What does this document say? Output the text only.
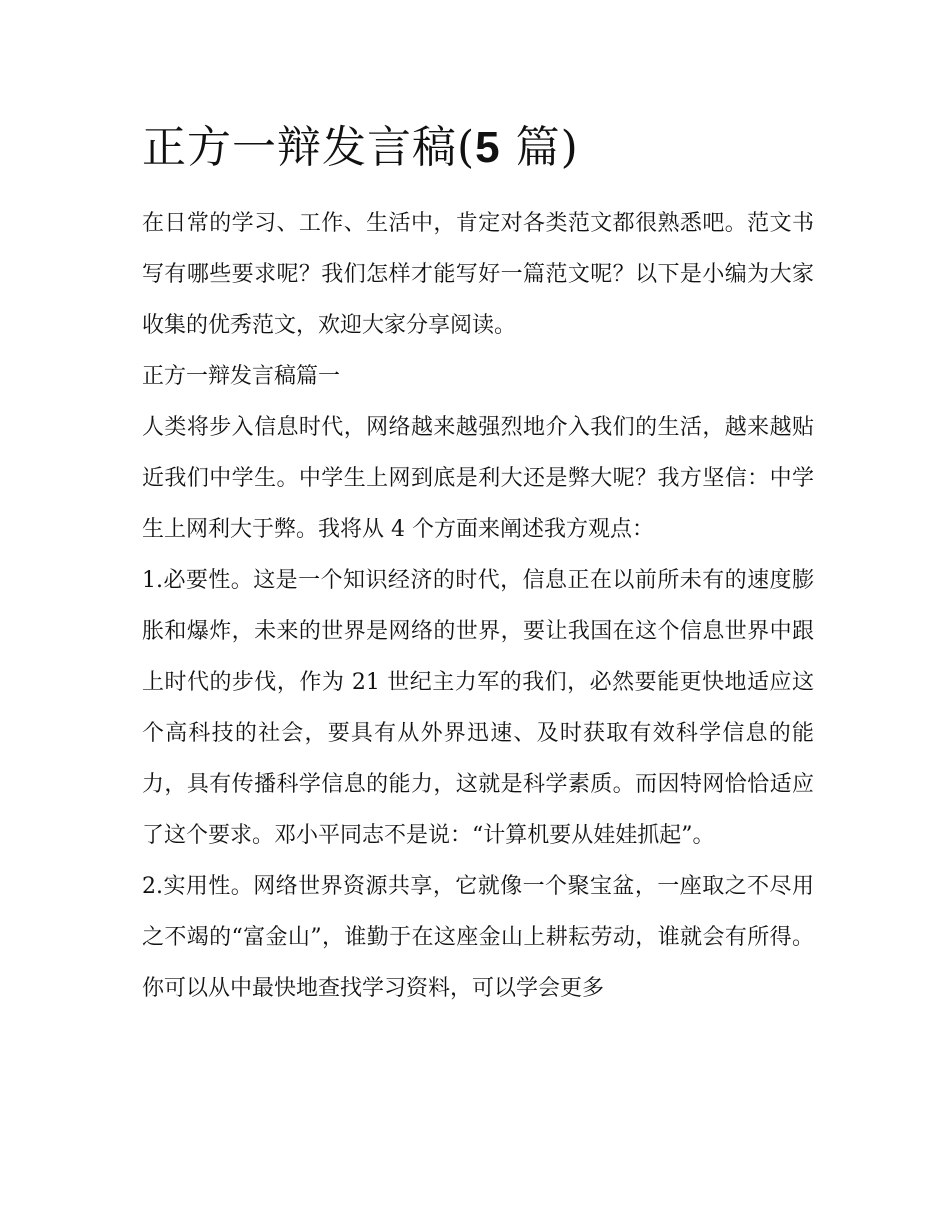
正方一辩发言稿(5 篇)

在日常的学习、工作、生活中，肯定对各类范文都很熟悉吧。范文书写有哪些要求呢？我们怎样才能写好一篇范文呢？以下是小编为大家收集的优秀范文，欢迎大家分享阅读。

正方一辩发言稿篇一

人类将步入信息时代，网络越来越强烈地介入我们的生活，越来越贴近我们中学生。中学生上网到底是利大还是弊大呢？我方坚信：中学生上网利大于弊。我将从 4 个方面来阐述我方观点：

1.必要性。这是一个知识经济的时代，信息正在以前所未有的速度膨胀和爆炸，未来的世界是网络的世界，要让我国在这个信息世界中跟上时代的步伐，作为 21 世纪主力军的我们，必然要能更快地适应这个高科技的社会，要具有从外界迅速、及时获取有效科学信息的能力，具有传播科学信息的能力，这就是科学素质。而因特网恰恰适应了这个要求。邓小平同志不是说：“计算机要从娃娃抓起”。

2.实用性。网络世界资源共享，它就像一个聚宝盆，一座取之不尽用之不竭的“富金山”，谁勤于在这座金山上耕耘劳动，谁就会有所得。你可以从中最快地查找学习资料，可以学会更多
